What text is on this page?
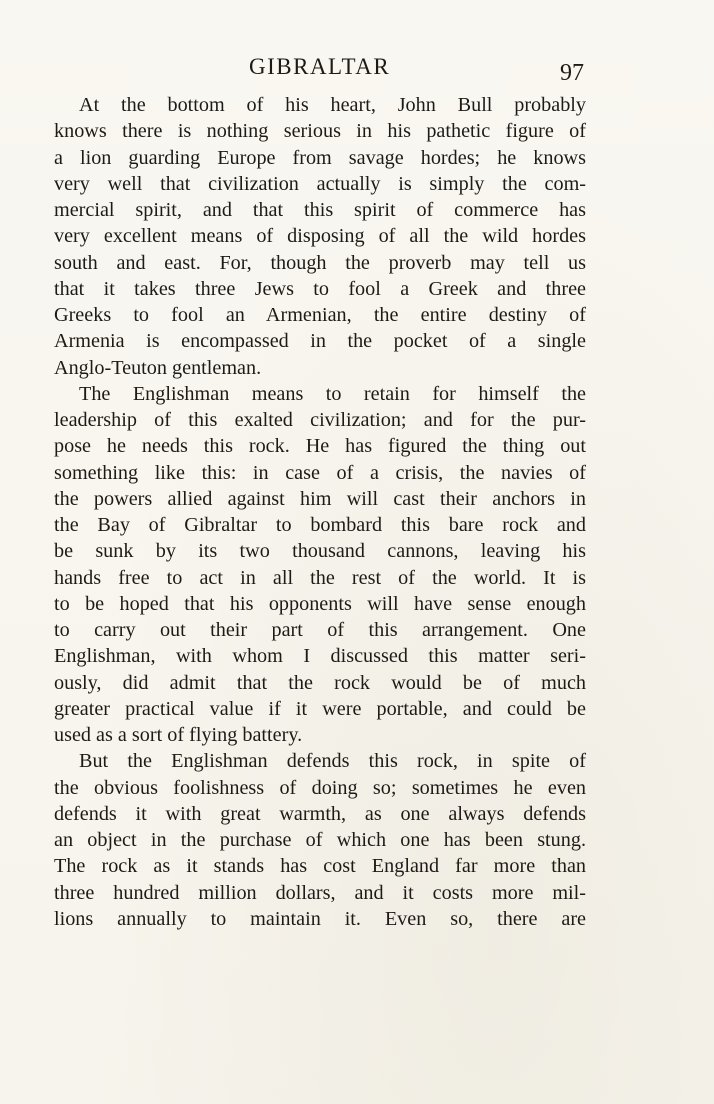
GIBRALTAR	97
At the bottom of his heart, John Bull probably
knows there is nothing serious in his pathetic figure of
a lion guarding Europe from savage hordes; he knows
very well that civilization actually is simply the com-
mercial spirit, and that this spirit of commerce has
very excellent means of disposing of all the wild hordes
south and east. For, though the proverb may tell us
that it takes three Jews to fool a Greek and three
Greeks to fool an Armenian, the entire destiny of
Armenia is encompassed in the pocket of a single
Anglo-Teuton gentleman.
The Englishman means to retain for himself the
leadership of this exalted civilization; and for the pur-
pose he needs this rock. He has figured the thing out
something like this: in case of a crisis, the navies of
the powers allied against him will cast their anchors in
the Bay of Gibraltar to bombard this bare rock and
be sunk by its two thousand cannons, leaving his
hands free to act in all the rest of the world. It is
to be hoped that his opponents will have sense enough
to carry out their part of this arrangement. One
Englishman, with whom I discussed this matter seri-
ously, did admit that the rock would be of much
greater practical value if it were portable, and could be
used as a sort of flying battery.
But the Englishman defends this rock, in spite of
the obvious foolishness of doing so; sometimes he even
defends it with great warmth, as one always defends
an object in the purchase of which one has been stung.
The rock as it stands has cost England far more than
three hundred million dollars, and it costs more mil-
lions annually to maintain it. Even so, there are
